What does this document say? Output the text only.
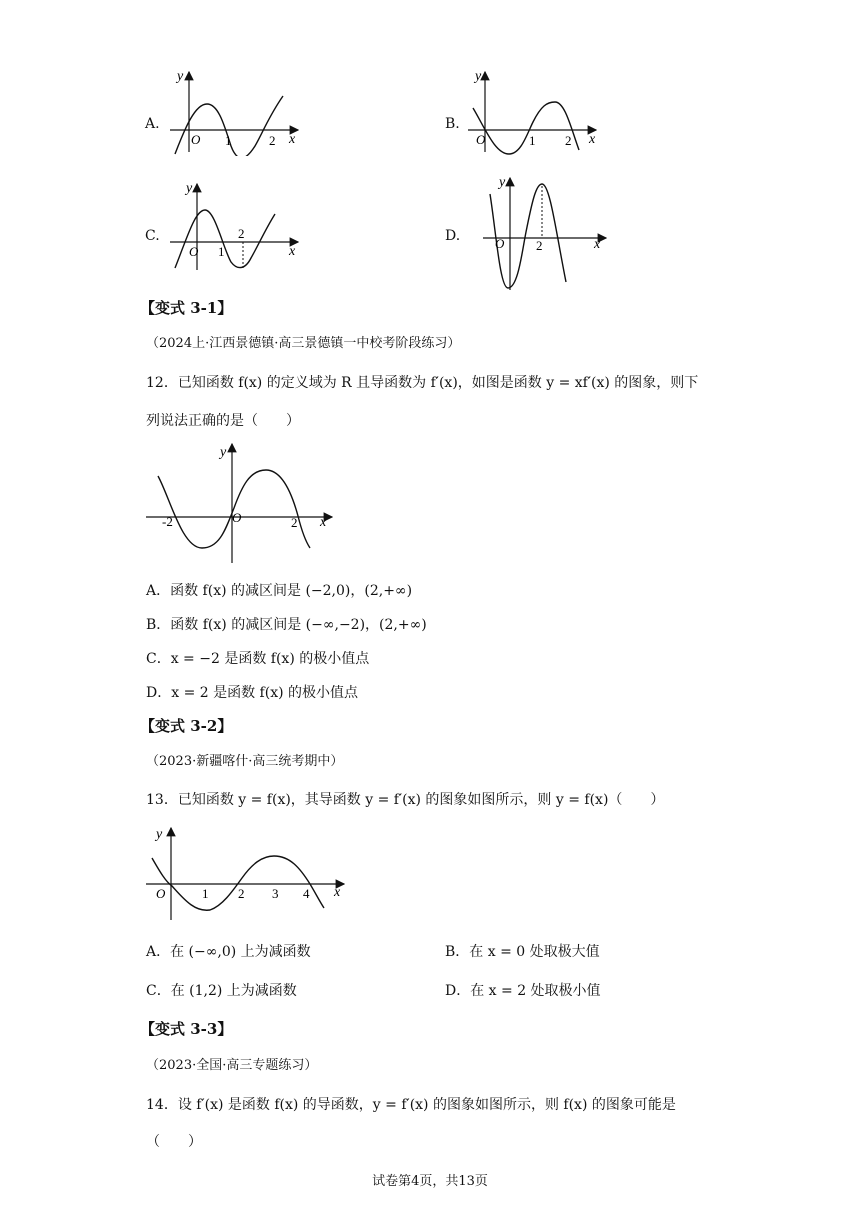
A.
y
O 1	2 x
B.
y
O	1 2 x
C.
y
O 1
2
x
D.
y
O 2	x
【变式 3-1】
（2024上·江西景德镇·高三景德镇一中校考阶段练习）
12．已知函数 f(x) 的定义域为 R 且导函数为 f′(x)，如图是函数 y = xf′(x) 的图象，则下
列说法正确的是（　　）
y
O
-2	2 x
A．函数 f(x) 的减区间是 (−2,0)，(2,+∞)
B．函数 f(x) 的减区间是 (−∞,−2)，(2,+∞)
C．x = −2 是函数 f(x) 的极小值点
D．x = 2 是函数 f(x) 的极小值点
【变式 3-2】
（2023·新疆喀什·高三统考期中）
13．已知函数 y = f(x)，其导函数 y = f′(x) 的图象如图所示，则 y = f(x)（　　）
y
O	1 2 3 4 x
A．在 (−∞,0) 上为减函数	B．在 x = 0 处取极大值
C．在 (1,2) 上为减函数	D．在 x = 2 处取极小值
【变式 3-3】
（2023·全国·高三专题练习）
14．设 f′(x) 是函数 f(x) 的导函数，y = f′(x) 的图象如图所示，则 f(x) 的图象可能是
（　　）
试卷第4页，共13页
